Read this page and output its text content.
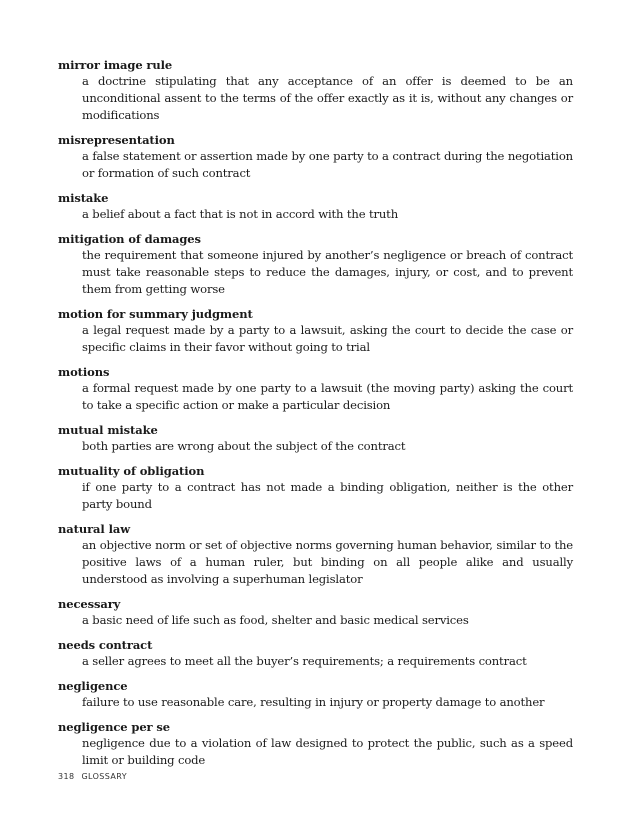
mirror image rule
a doctrine stipulating that any acceptance of an offer is deemed to be an unconditional assent to the terms of the offer exactly as it is, without any changes or modifications
misrepresentation
a false statement or assertion made by one party to a contract during the negotiation or formation of such contract
mistake
a belief about a fact that is not in accord with the truth
mitigation of damages
the requirement that someone injured by another’s negligence or breach of contract must take reasonable steps to reduce the damages, injury, or cost, and to prevent them from getting worse
motion for summary judgment
a legal request made by a party to a lawsuit, asking the court to decide the case or specific claims in their favor without going to trial
motions
a formal request made by one party to a lawsuit (the moving party) asking the court to take a specific action or make a particular decision
mutual mistake
both parties are wrong about the subject of the contract
mutuality of obligation
if one party to a contract has not made a binding obligation, neither is the other party bound
natural law
an objective norm or set of objective norms governing human behavior, similar to the positive laws of a human ruler, but binding on all people alike and usually understood as involving a superhuman legislator
necessary
a basic need of life such as food, shelter and basic medical services
needs contract
a seller agrees to meet all the buyer’s requirements; a requirements contract
negligence
failure to use reasonable care, resulting in injury or property damage to another
negligence per se
negligence due to a violation of law designed to protect the public, such as a speed limit or building code
318 GLOSSARY
